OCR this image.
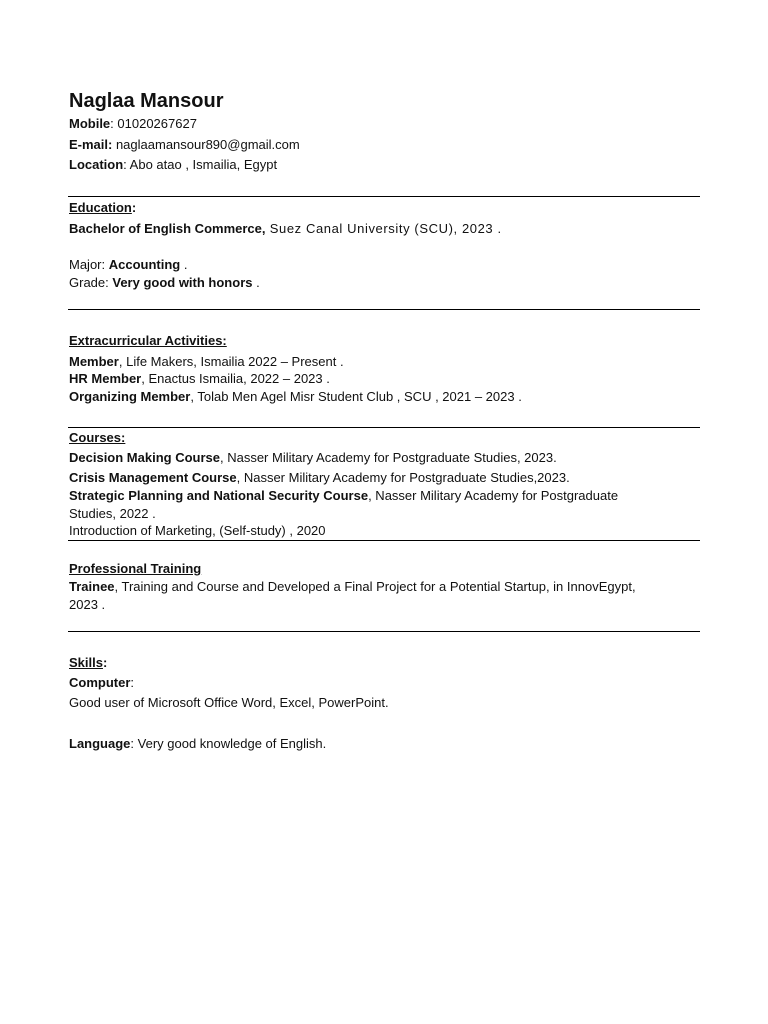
Naglaa Mansour
Mobile: 01020267627
E-mail: naglaamansour890@gmail.com
Location: Abo atao , Ismailia, Egypt
Education:
Bachelor of English Commerce, Suez Canal University (SCU), 2023 .
Major: Accounting .
Grade: Very good with honors .
Extracurricular Activities:
Member, Life Makers, Ismailia 2022 – Present .
HR Member, Enactus Ismailia, 2022 – 2023 .
Organizing Member, Tolab Men Agel Misr Student Club , SCU , 2021 – 2023 .
Courses:
Decision Making Course, Nasser Military Academy for Postgraduate Studies, 2023.
Crisis Management Course, Nasser Military Academy for Postgraduate Studies,2023.
Strategic Planning and National Security Course, Nasser Military Academy for Postgraduate
Studies, 2022 .
Introduction of Marketing, (Self-study) , 2020
Professional Training
Trainee, Training and Course and Developed a Final Project for a Potential Startup, in InnovEgypt,
2023 .
Skills:
Computer:
Good user of Microsoft Office Word, Excel, PowerPoint.
Language: Very good knowledge of English.
